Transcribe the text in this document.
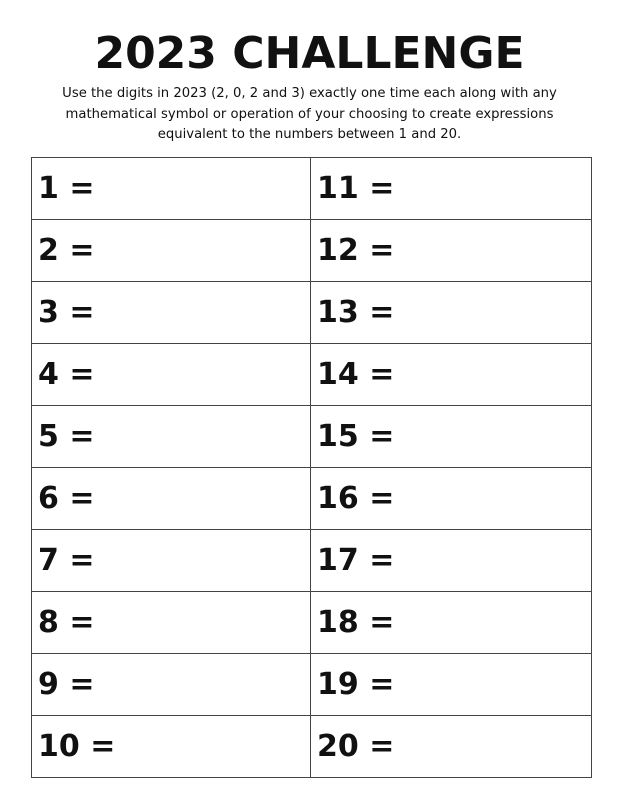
2023 CHALLENGE
Use the digits in 2023 (2, 0, 2 and 3) exactly one time each along with any
mathematical symbol or operation of your choosing to create expressions
equivalent to the numbers between 1 and 20.
1 =	11 =
2 =	12 =
3 =	13 =
4 =	14 =
5 =	15 =
6 =	16 =
7 =	17 =
8 =	18 =
9 =	19 =
10 =	20 =
